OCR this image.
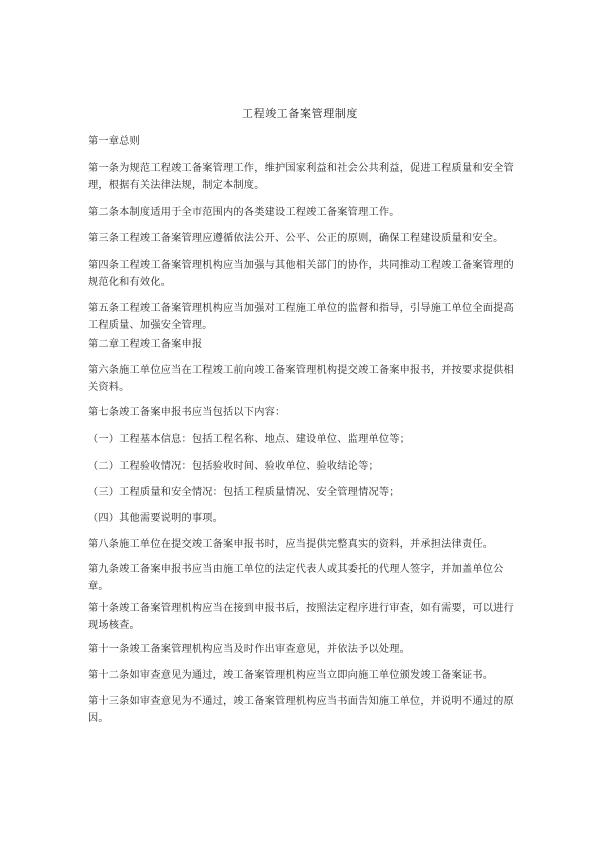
工程竣工备案管理制度

第一章总则

第一条为规范工程竣工备案管理工作，维护国家利益和社会公共利益，促进工程质量和安全管理，根据有关法律法规，制定本制度。

第二条本制度适用于全市范围内的各类建设工程竣工备案管理工作。

第三条工程竣工备案管理应遵循依法公开、公平、公正的原则，确保工程建设质量和安全。

第四条工程竣工备案管理机构应当加强与其他相关部门的协作，共同推动工程竣工备案管理的规范化和有效化。

第五条工程竣工备案管理机构应当加强对工程施工单位的监督和指导，引导施工单位全面提高工程质量、加强安全管理。

第二章工程竣工备案申报

第六条施工单位应当在工程竣工前向竣工备案管理机构提交竣工备案申报书，并按要求提供相关资料。

第七条竣工备案申报书应当包括以下内容：

（一）工程基本信息：包括工程名称、地点、建设单位、监理单位等；

（二）工程验收情况：包括验收时间、验收单位、验收结论等；

（三）工程质量和安全情况：包括工程质量情况、安全管理情况等；

（四）其他需要说明的事项。

第八条施工单位在提交竣工备案申报书时，应当提供完整真实的资料，并承担法律责任。

第九条竣工备案申报书应当由施工单位的法定代表人或其委托的代理人签字，并加盖单位公章。

第十条竣工备案管理机构应当在接到申报书后，按照法定程序进行审查，如有需要，可以进行现场核查。

第十一条竣工备案管理机构应当及时作出审查意见，并依法予以处理。

第十二条如审查意见为通过，竣工备案管理机构应当立即向施工单位颁发竣工备案证书。

第十三条如审查意见为不通过，竣工备案管理机构应当书面告知施工单位，并说明不通过的原因。
